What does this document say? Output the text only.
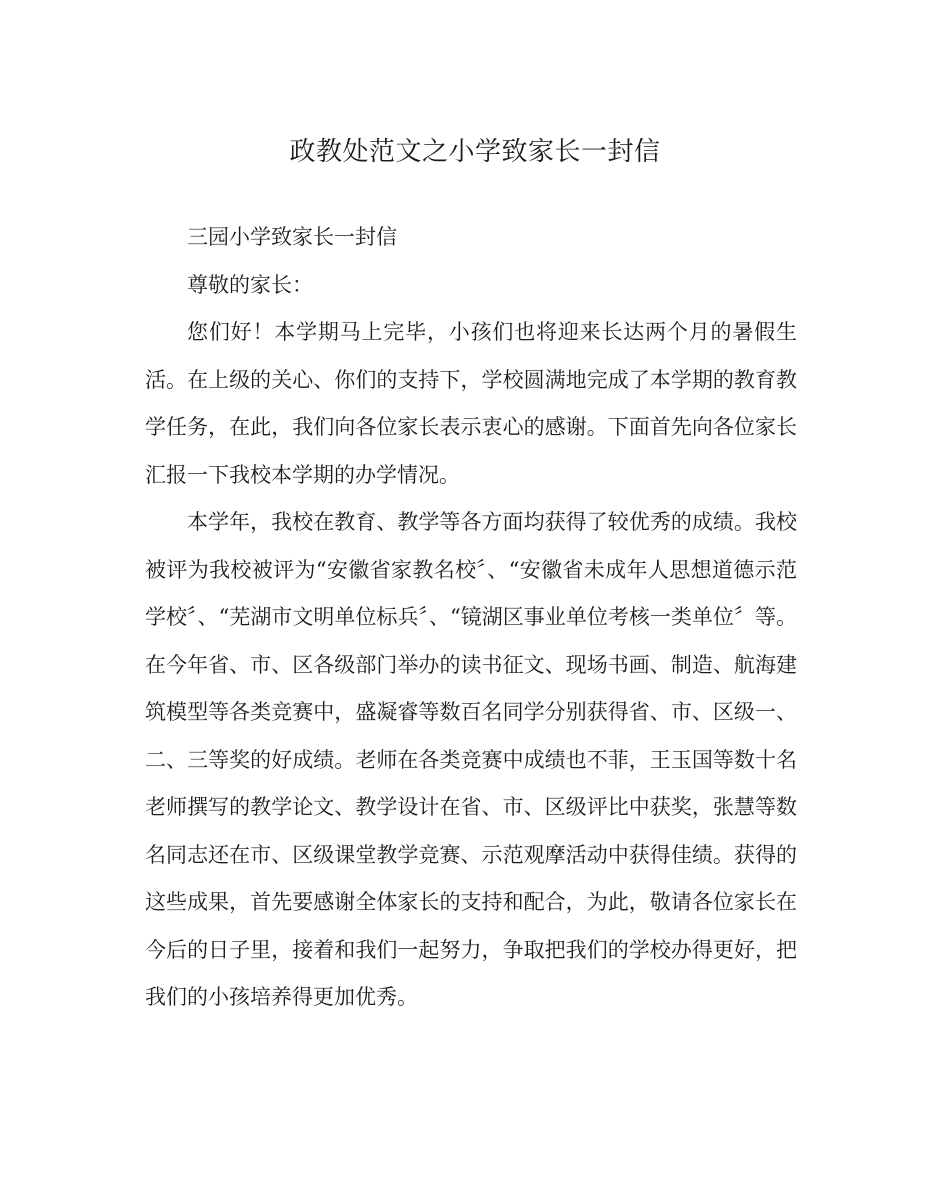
政教处范文之小学致家长一封信

三园小学致家长一封信

尊敬的家长：

您们好！本学期马上完毕，小孩们也将迎来长达两个月的暑假生活。在上级的关心、你们的支持下，学校圆满地完成了本学期的教育教学任务，在此，我们向各位家长表示衷心的感谢。下面首先向各位家长汇报一下我校本学期的办学情况。

本学年，我校在教育、教学等各方面均获得了较优秀的成绩。我校被评为我校被评为“安徽省家教名校〞、“安徽省未成年人思想道德示范学校〞、“芜湖市文明单位标兵〞、“镜湖区事业单位考核一类单位〞等。在今年省、市、区各级部门举办的读书征文、现场书画、制造、航海建筑模型等各类竞赛中，盛凝睿等数百名同学分别获得省、市、区级一、二、三等奖的好成绩。老师在各类竞赛中成绩也不菲，王玉国等数十名老师撰写的教学论文、教学设计在省、市、区级评比中获奖，张慧等数名同志还在市、区级课堂教学竞赛、示范观摩活动中获得佳绩。获得的这些成果，首先要感谢全体家长的支持和配合，为此，敬请各位家长在今后的日子里，接着和我们一起努力，争取把我们的学校办得更好，把我们的小孩培养得更加优秀。
